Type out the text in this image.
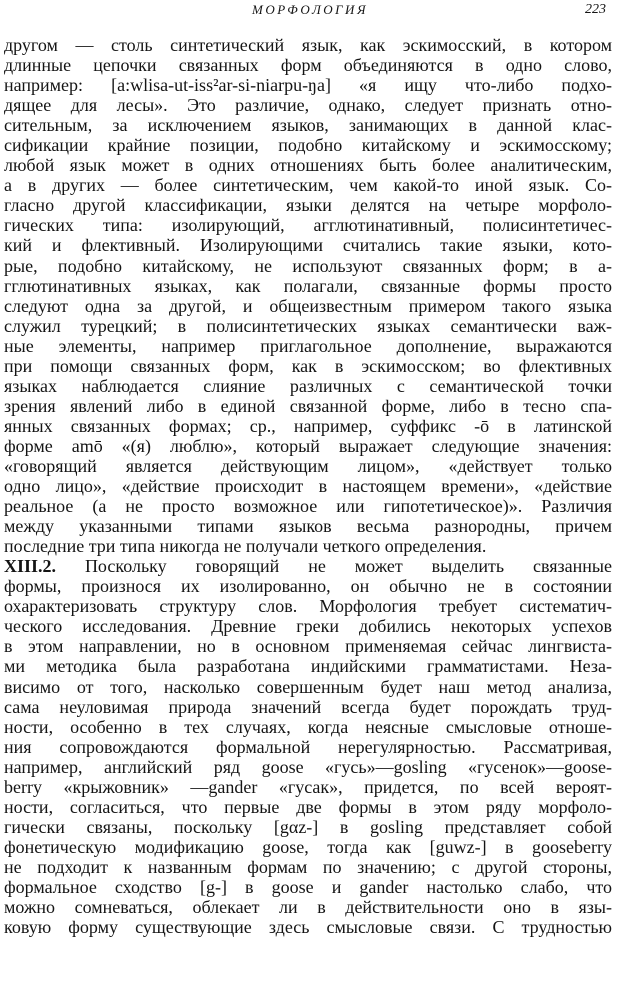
МОРФОЛОГИЯ	223
другом — столь синтетический язык, как эскимосский, в котором
длинные цепочки связанных форм объединяются в одно слово,
например: [a:wlisa-ut-iss²ar-si-niarpu-ŋa] «я ищу что-либо подхо-
дящее для лесы». Это различие, однако, следует признать отно-
сительным, за исключением языков, занимающих в данной клас-
сификации крайние позиции, подобно китайскому и эскимосскому;
любой язык может в одних отношениях быть более аналитическим,
а в других — более синтетическим, чем какой-то иной язык. Со-
гласно другой классификации, языки делятся на четыре морфоло-
гических типа: изолирующий, агглютинативный, полисинтетичес-
кий и флективный. Изолирующими считались такие языки, кото-
рые, подобно китайскому, не используют связанных форм; в а-
гглютинативных языках, как полагали, связанные формы просто
следуют одна за другой, и общеизвестным примером такого языка
служил турецкий; в полисинтетических языках семантически важ-
ные элементы, например приглагольное дополнение, выражаются
при помощи связанных форм, как в эскимосском; во флективных
языках наблюдается слияние различных с семантической точки
зрения явлений либо в единой связанной форме, либо в тесно спа-
янных связанных формах; ср., например, суффикс -ō в латинской
форме amō «(я) люблю», который выражает следующие значения:
«говорящий является действующим лицом», «действует только
одно лицо», «действие происходит в настоящем времени», «действие
реальное (а не просто возможное или гипотетическое)». Различия
между указанными типами языков весьма разнородны, причем
последние три типа никогда не получали четкого определения.
XIII.2. Поскольку говорящий не может выделить связанные
формы, произнося их изолированно, он обычно не в состоянии
охарактеризовать структуру слов. Морфология требует систематич-
ческого исследования. Древние греки добились некоторых успехов
в этом направлении, но в основном применяемая сейчас лингвиста-
ми методика была разработана индийскими грамматистами. Неза-
висимо от того, насколько совершенным будет наш метод анализа,
сама неуловимая природа значений всегда будет порождать труд-
ности, особенно в тех случаях, когда неясные смысловые отноше-
ния сопровождаются формальной нерегулярностью. Рассматривая,
например, английский ряд goose «гусь»—gosling «гусенок»—goose-
berry «крыжовник» —gander «гусак», придется, по всей вероят-
ности, согласиться, что первые две формы в этом ряду морфоло-
гически связаны, поскольку [gαz-] в gosling представляет собой
фонетическую модификацию goose, тогда как [guwz-] в gooseberry
не подходит к названным формам по значению; с другой стороны,
формальное сходство [g-] в goose и gander настолько слабо, что
можно сомневаться, облекает ли в действительности оно в язы-
ковую форму существующие здесь смысловые связи. С трудностью
